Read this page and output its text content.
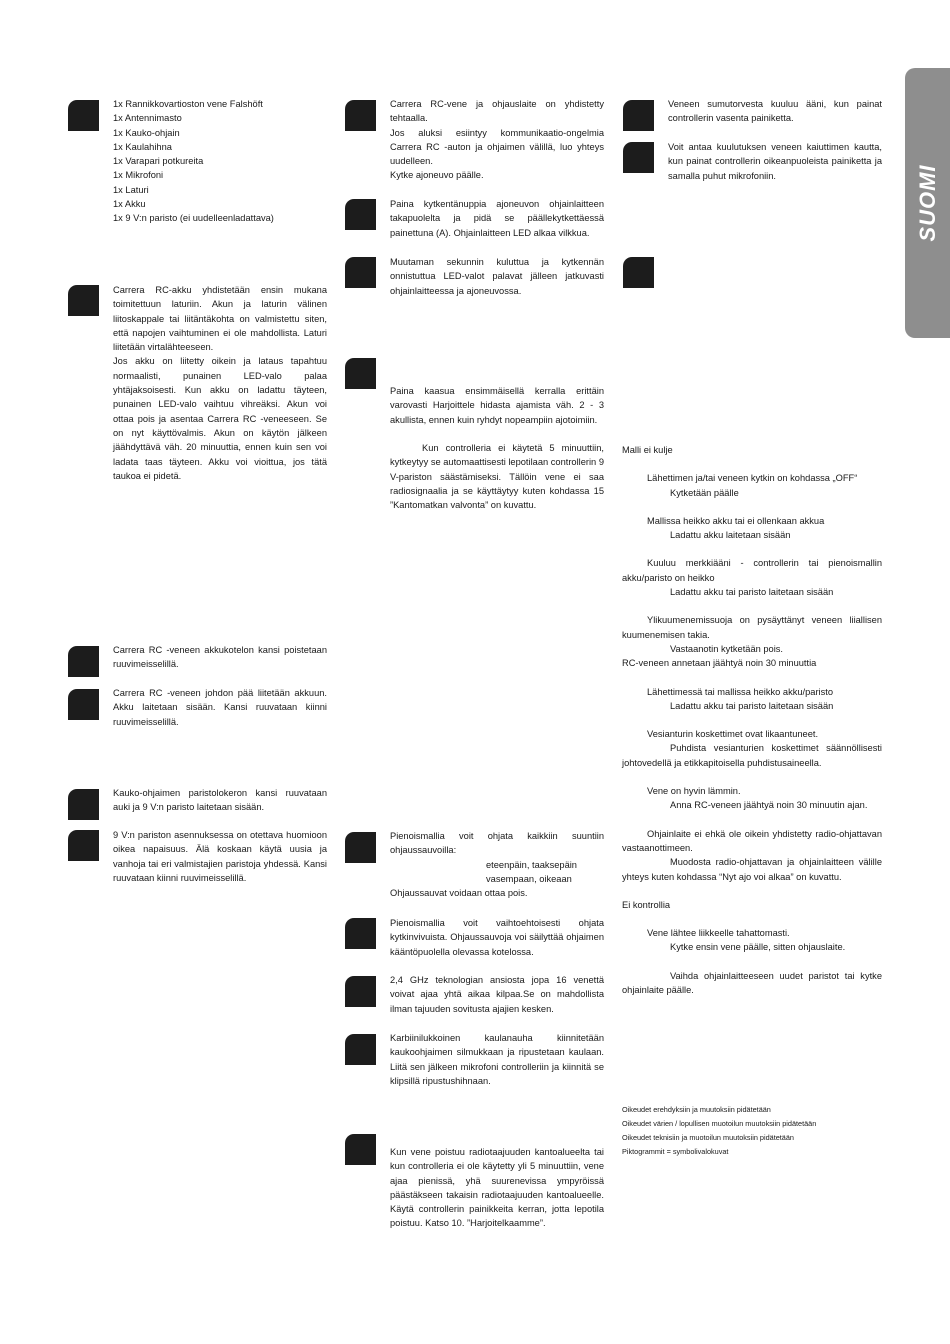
SUOMI

1x Rannikkovartioston vene Falshöft

1x Antennimasto

1x Kauko-ohjain

1x Kaulahihna

1x Varapari potkureita

1x Mikrofoni

1x Laturi

1x Akku

1x 9 V:n paristo (ei uudelleenladattava)

Carrera RC-akku yhdistetään ensin mukana toimitettuun laturiin. Akun ja laturin välinen liitoskappale tai liitäntäkohta on valmistettu siten, että napojen vaihtuminen ei ole mahdollista. Laturi liitetään virtalähteeseen.

Jos akku on liitetty oikein ja lataus tapahtuu normaalisti, punainen LED-valo palaa yhtäjaksoisesti. Kun akku on ladattu täyteen, punainen LED-valo vaihtuu vihreäksi. Akun voi ottaa pois ja asentaa Carrera RC -veneeseen. Se on nyt käyttövalmis. Akun on käytön jälkeen jäähdyttävä väh. 20 minuuttia, ennen kuin sen voi ladata taas täyteen. Akku voi vioittua, jos tätä taukoa ei pidetä.

Carrera RC -veneen akkukotelon kansi poistetaan ruuvimeisselillä.

Carrera RC -veneen johdon pää liitetään akkuun. Akku laitetaan sisään. Kansi ruuvataan kiinni ruuvimeisselillä.

Kauko-ohjaimen paristolokeron kansi ruuvataan auki ja 9 V:n paristo laitetaan sisään.

9 V:n pariston asennuksessa on otettava huomioon oikea napaisuus. Älä koskaan käytä uusia ja vanhoja tai eri valmistajien paristoja yhdessä. Kansi ruuvataan kiinni ruuvimeisselillä.

Carrera RC-vene ja ohjauslaite on yhdistetty tehtaalla.

Jos aluksi esiintyy kommunikaatio-ongelmia Carrera RC -auton ja ohjaimen välillä, luo yhteys uudelleen.

Kytke ajoneuvo päälle.

Paina kytkentänuppia ajoneuvon ohjainlaitteen takapuolelta ja pidä se päällekytkettäessä painettuna (A). Ohjainlaitteen LED alkaa vilkkua.

Muutaman sekunnin kuluttua ja kytkennän onnistuttua LED-valot palavat jälleen jatkuvasti ohjainlaitteessa ja ajoneuvossa.

Paina kaasua ensimmäisellä kerralla erittäin varovasti Harjoittele hidasta ajamista väh. 2 - 3 akullista, ennen kuin ryhdyt nopeampiin ajotoimiin.

Kun controlleria ei käytetä 5 minuuttiin, kytkeytyy se automaattisesti lepotilaan controllerin 9 V-pariston säästämiseksi. Tällöin vene ei saa radiosignaalia ja se käyttäytyy kuten kohdassa 15 ”Kantomatkan valvonta” on kuvattu.

Pienoismallia voit ohjata kaikkiin suuntiin ohjaussauvoilla:

eteenpäin, taaksepäin

vasempaan, oikeaan

Ohjaussauvat voidaan ottaa pois.

Pienoismallia voit vaihtoehtoisesti ohjata kytkinvivuista. Ohjaussauvoja voi säilyttää ohjaimen kääntöpuolella olevassa kotelossa.

2,4 GHz teknologian ansiosta jopa 16 venettä voivat ajaa yhtä aikaa kilpaa.Se on mahdollista ilman tajuuden sovitusta ajajien kesken.

Karbiinilukkoinen kaulanauha kiinnitetään kaukoohjaimen silmukkaan ja ripustetaan kaulaan. Liitä sen jälkeen mikrofoni controlleriin ja kiinnitä se klipsillä ripustushihnaan.

Kun vene poistuu radiotaajuuden kantoalueelta tai kun controlleria ei ole käytetty yli 5 minuuttiin, vene ajaa pienissä, yhä suurenevissa ympyröissä päästäkseen takaisin radiotaajuuden kantoalueelle. Käytä controllerin painikkeita kerran, jotta lepotila poistuu. Katso 10. ”Harjoitelkaamme”.

Veneen sumutorvesta kuuluu ääni, kun painat controllerin vasenta painiketta.

Voit antaa kuulutuksen veneen kaiuttimen kautta, kun painat controllerin oikeanpuoleista painiketta ja samalla puhut mikrofoniin.

Malli ei kulje

Lähettimen ja/tai veneen kytkin on kohdassa „OFF“

Kytketään päälle

Mallissa heikko akku tai ei ollenkaan akkua

Ladattu akku laitetaan sisään

Kuuluu merkkiääni - controllerin tai pienoismallin akku/paristo on heikko

Ladattu akku tai paristo laitetaan sisään

Ylikuumenemissuoja on pysäyttänyt veneen liiallisen kuumenemisen takia.

Vastaanotin kytketään pois.

RC-veneen annetaan jäähtyä noin 30 minuuttia

Lähettimessä tai mallissa heikko akku/paristo

Ladattu akku tai paristo laitetaan sisään

Vesianturin koskettimet ovat likaantuneet.

Puhdista vesianturien koskettimet säännöllisesti johtovedellä ja etikkapitoisella puhdistusaineella.

Vene on hyvin lämmin.

Anna RC-veneen jäähtyä noin 30 minuutin ajan.

Ohjainlaite ei ehkä ole oikein yhdistetty radio-ohjattavan vastaanottimeen.

Muodosta radio-ohjattavan ja ohjainlaitteen välille yhteys kuten kohdassa “Nyt ajo voi alkaa” on kuvattu.

Ei kontrollia

Vene lähtee liikkeelle tahattomasti.

Kytke ensin vene päälle, sitten ohjauslaite.

Vaihda ohjainlaitteeseen uudet paristot tai kytke ohjainlaite päälle.

Oikeudet erehdyksiin ja muutoksiin pidätetään

Oikeudet värien / lopullisen muotoilun muutoksiin pidätetään

Oikeudet teknisiin ja muotoilun muutoksiin pidätetään

Piktogrammit = symbolivalokuvat
